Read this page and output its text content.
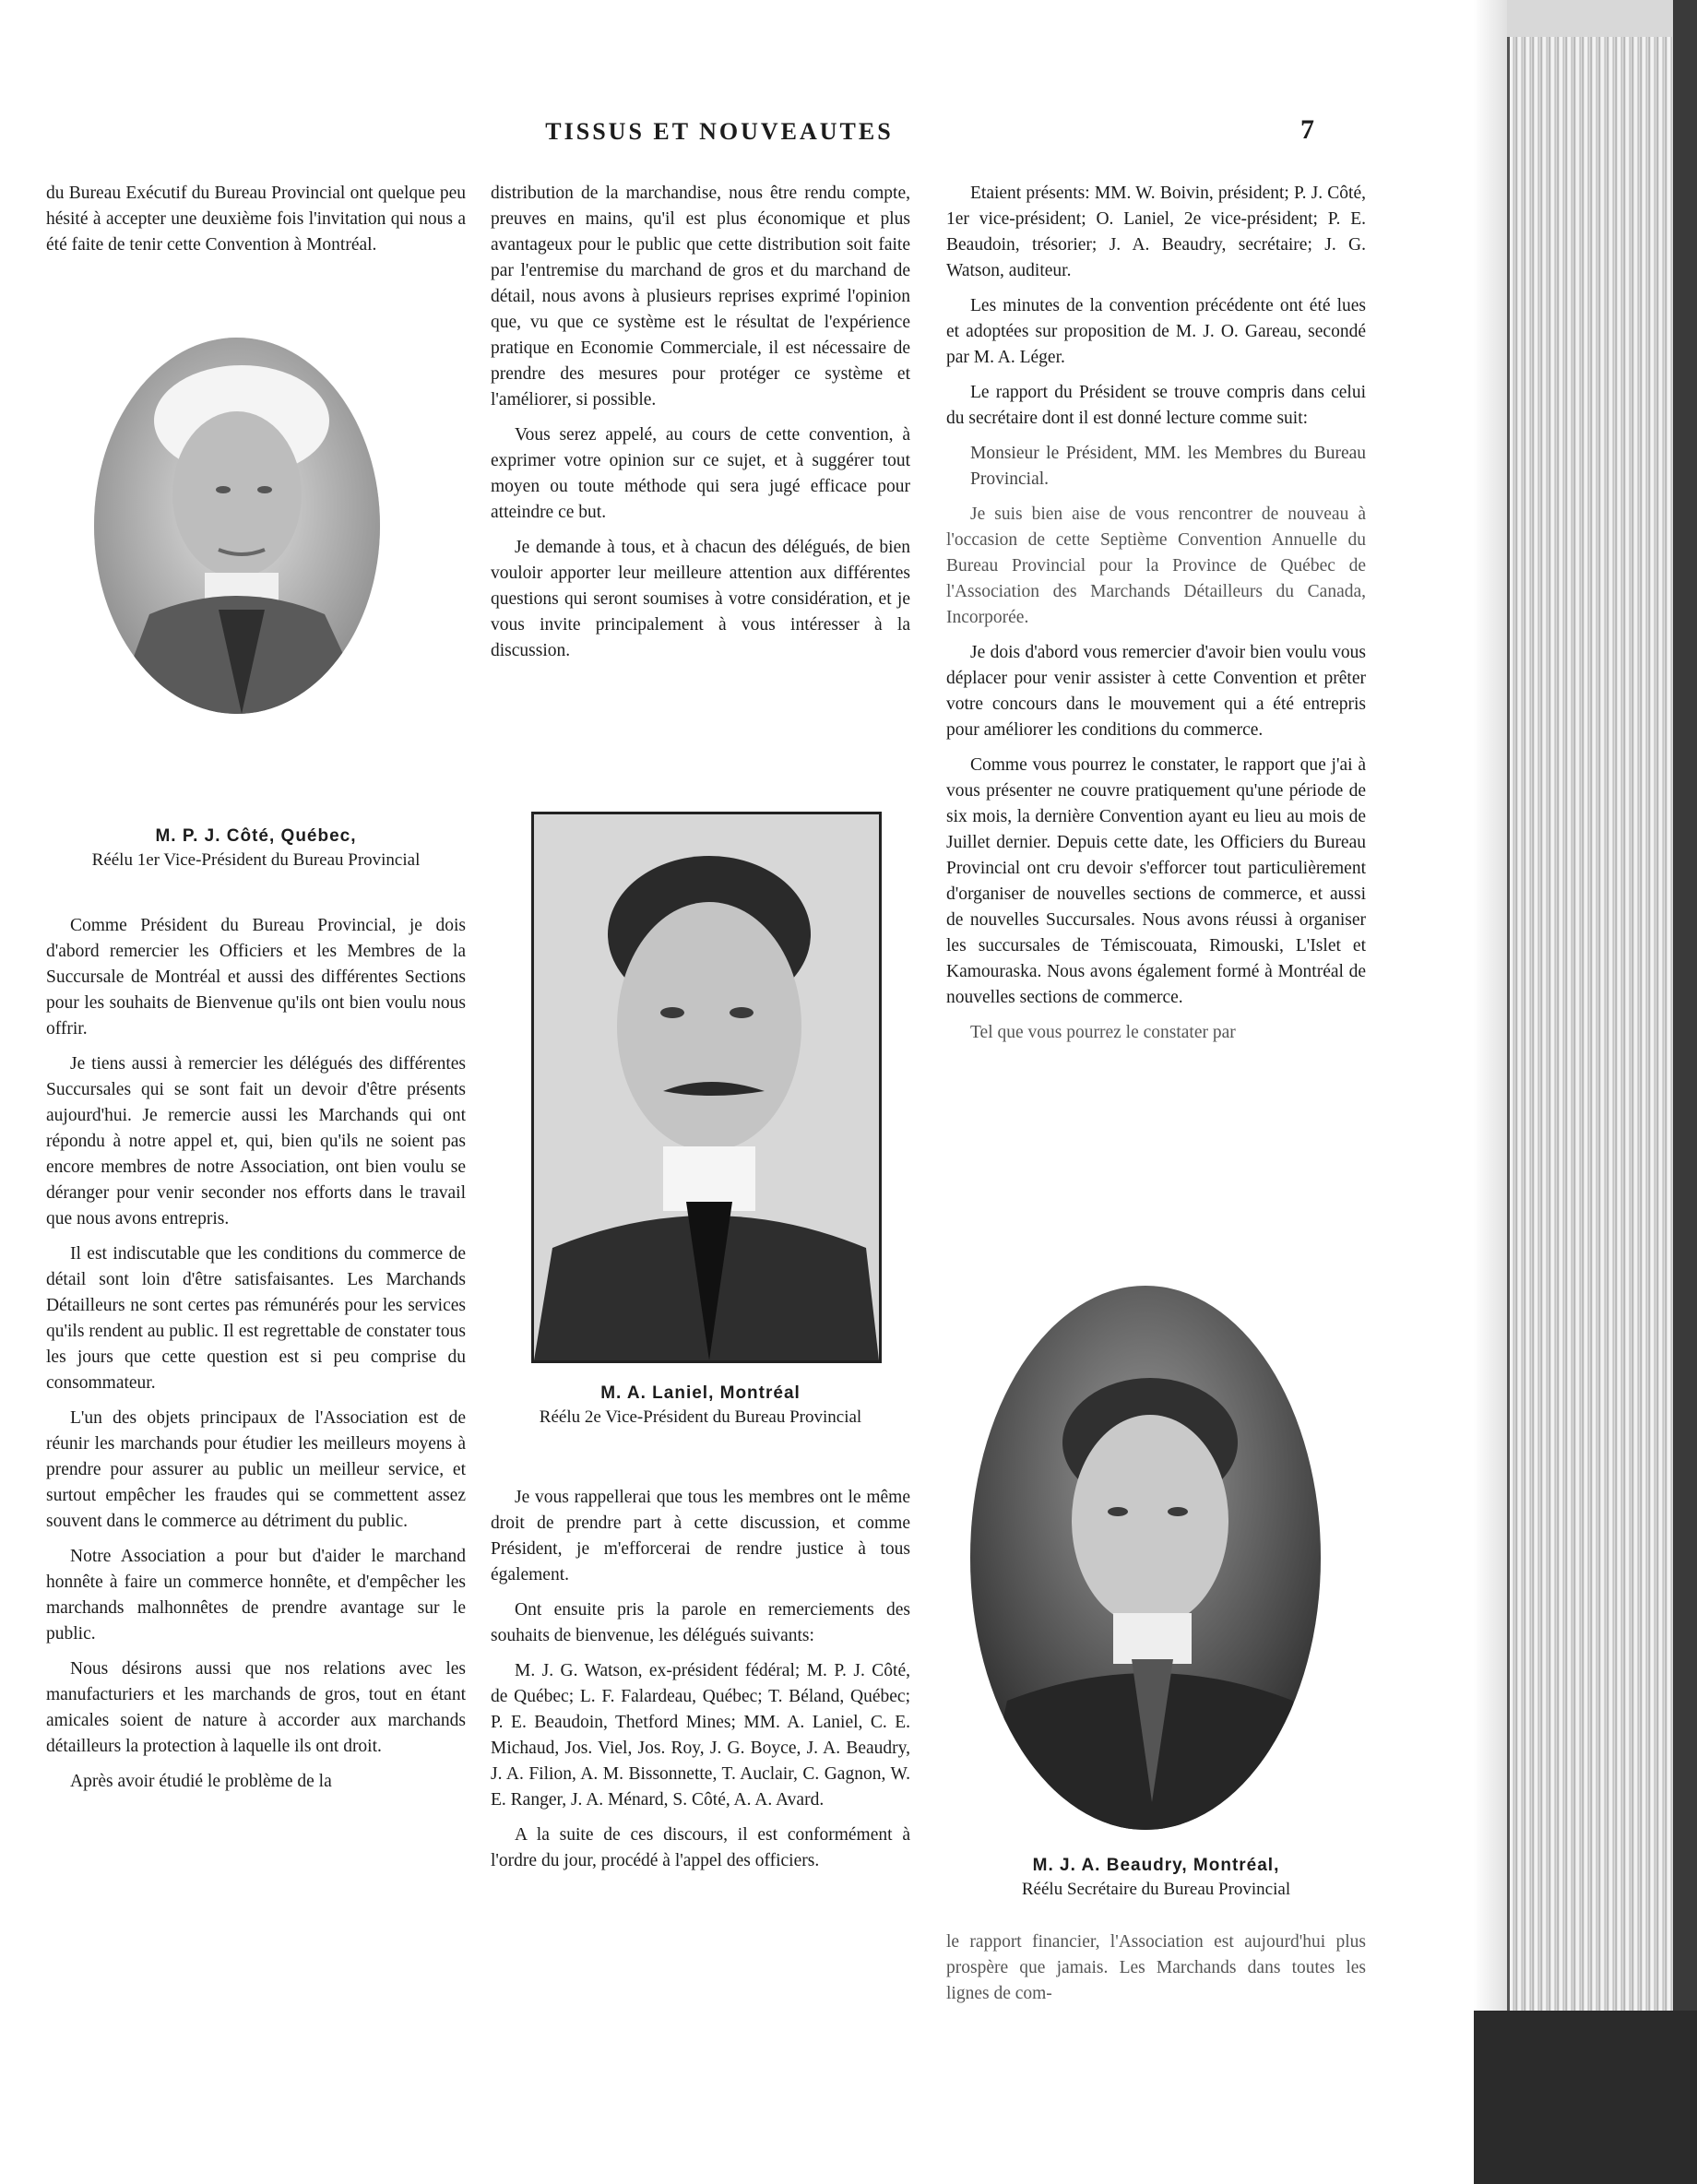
TISSUS ET NOUVEAUTES	7

du Bureau Exécutif du Bureau Provincial ont quelque peu hésité à accepter une deuxième fois l'invitation qui nous a été faite de tenir cette Convention à Montréal.

M. P. J. Côté, Québec,
Réélu 1er Vice-Président du Bureau Provincial

Comme Président du Bureau Provincial, je dois d'abord remercier les Officiers et les Membres de la Succursale de Montréal et aussi des différentes Sections pour les souhaits de Bienvenue qu'ils ont bien voulu nous offrir.

Je tiens aussi à remercier les délégués des différentes Succursales qui se sont fait un devoir d'être présents aujourd'hui. Je remercie aussi les Marchands qui ont répondu à notre appel et, qui, bien qu'ils ne soient pas encore membres de notre Association, ont bien voulu se déranger pour venir seconder nos efforts dans le travail que nous avons entrepris.

Il est indiscutable que les conditions du commerce de détail sont loin d'être satisfaisantes. Les Marchands Détailleurs ne sont certes pas rémunérés pour les services qu'ils rendent au public. Il est regrettable de constater tous les jours que cette question est si peu comprise du consommateur.

L'un des objets principaux de l'Association est de réunir les marchands pour étudier les meilleurs moyens à prendre pour assurer au public un meilleur service, et surtout empêcher les fraudes qui se commettent assez souvent dans le commerce au détriment du public.

Notre Association a pour but d'aider le marchand honnête à faire un commerce honnête, et d'empêcher les marchands malhonnêtes de prendre avantage sur le public.

Nous désirons aussi que nos relations avec les manufacturiers et les marchands de gros, tout en étant amicales soient de nature à accorder aux marchands détailleurs la protection à laquelle ils ont droit.

Après avoir étudié le problème de la

distribution de la marchandise, nous être rendu compte, preuves en mains, qu'il est plus économique et plus avantageux pour le public que cette distribution soit faite par l'entremise du marchand de gros et du marchand de détail, nous avons à plusieurs reprises exprimé l'opinion que, vu que ce système est le résultat de l'expérience pratique en Economie Commerciale, il est nécessaire de prendre des mesures pour protéger ce système et l'améliorer, si possible.

Vous serez appelé, au cours de cette convention, à exprimer votre opinion sur ce sujet, et à suggérer tout moyen ou toute méthode qui sera jugé efficace pour atteindre ce but.

Je demande à tous, et à chacun des délégués, de bien vouloir apporter leur meilleure attention aux différentes questions qui seront soumises à votre considération, et je vous invite principalement à vous intéresser à la discussion.

M. A. Laniel, Montréal
Réélu 2e Vice-Président du Bureau Provincial

Je vous rappellerai que tous les membres ont le même droit de prendre part à cette discussion, et comme Président, je m'efforcerai de rendre justice à tous également.

Ont ensuite pris la parole en remerciements des souhaits de bienvenue, les délégués suivants:

M. J. G. Watson, ex-président fédéral; M. P. J. Côté, de Québec; L. F. Falardeau, Québec; T. Béland, Québec; P. E. Beaudoin, Thetford Mines; MM. A. Laniel, C. E. Michaud, Jos. Viel, Jos. Roy, J. G. Boyce, J. A. Beaudry, J. A. Filion, A. M. Bissonnette, T. Auclair, C. Gagnon, W. E. Ranger, J. A. Ménard, S. Côté, A. A. Avard.

A la suite de ces discours, il est conformément à l'ordre du jour, procédé à l'appel des officiers.

Etaient présents: MM. W. Boivin, président; P. J. Côté, 1er vice-président; O. Laniel, 2e vice-président; P. E. Beaudoin, trésorier; J. A. Beaudry, secrétaire; J. G. Watson, auditeur.

Les minutes de la convention précédente ont été lues et adoptées sur proposition de M. J. O. Gareau, secondé par M. A. Léger.

Le rapport du Président se trouve compris dans celui du secrétaire dont il est donné lecture comme suit:

Monsieur le Président, MM. les Membres du Bureau Provincial.

Je suis bien aise de vous rencontrer de nouveau à l'occasion de cette Septième Convention Annuelle du Bureau Provincial pour la Province de Québec de l'Association des Marchands Détailleurs du Canada, Incorporée.

Je dois d'abord vous remercier d'avoir bien voulu vous déplacer pour venir assister à cette Convention et prêter votre concours dans le mouvement qui a été entrepris pour améliorer les conditions du commerce.

Comme vous pourrez le constater, le rapport que j'ai à vous présenter ne couvre pratiquement qu'une période de six mois, la dernière Convention ayant eu lieu au mois de Juillet dernier. Depuis cette date, les Officiers du Bureau Provincial ont cru devoir s'efforcer tout particulièrement d'organiser de nouvelles sections de commerce, et aussi de nouvelles Succursales. Nous avons réussi à organiser les succursales de Témiscouata, Rimouski, L'Islet et Kamouraska. Nous avons également formé à Montréal de nouvelles sections de commerce.

Tel que vous pourrez le constater par

M. J. A. Beaudry, Montréal,
Réélu Secrétaire du Bureau Provincial

le rapport financier, l'Association est aujourd'hui plus prospère que jamais. Les Marchands dans toutes les lignes de com-
